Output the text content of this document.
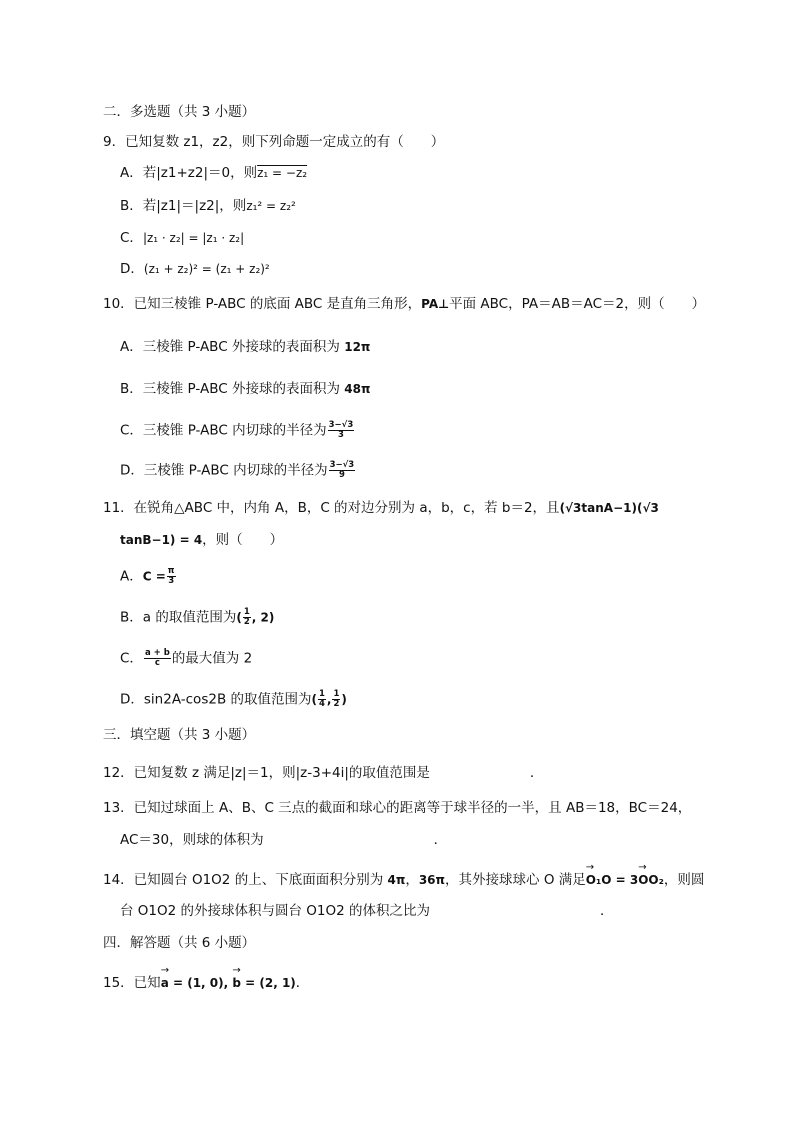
二．多选题（共 3 小题）
9．已知复数 z1，z2，则下列命题一定成立的有（　　）
A．若|z1+z2|＝0，则z₁ = −z₂
B．若|z1|＝|z2|，则z₁² = z₂²
C．|z₁ · z₂| = |z₁ · z₂|
D．(z₁ + z₂)² = (z₁ + z₂)²
10．已知三棱锥 P-ABC 的底面 ABC 是直角三角形，PA⊥平面 ABC，PA＝AB＝AC＝2，则（　　）
A．三棱锥 P-ABC 外接球的表面积为 12π
B．三棱锥 P-ABC 外接球的表面积为 48π
C．三棱锥 P-ABC 内切球的半径为 $\frac{3-√3}{3}$
D．三棱锥 P-ABC 内切球的半径为 $\frac{3-√3}{9}$
11．在锐角△ABC 中，内角 A，B，C 的对边分别为 a，b，c，若 b＝2，且(√3tanA−1)(√3
tanB−1) = 4，则（　　）
A．$C = \frac{\pi}{3}$
B．a 的取值范围为( $\frac{1}{2}$ , 2)
C． $\frac{a + b}{c}$ 的最大值为 2
D．sin2A-cos2B 的取值范围为( $\frac{1}{4}$ , $\frac{1}{2}$ )
三．填空题（共 3 小题）
12．已知复数 z 满足|z|＝1，则|z-3+4i|的取值范围是	．
13．已知过球面上 A、B、C 三点的截面和球心的距离等于球半径的一半，且 AB＝18，BC＝24，
AC＝30，则球的体积为	．
14．已知圆台 O1O2 的上、下底面面积分别为 4π，36π，其外接球球心 O 满足→ O₁O = 3→ OO₂，则圆
台 O1O2 的外接球体积与圆台 O1O2 的体积之比为	．
四．解答题（共 6 小题）
15．已知→ a = (1, 0), → b = (2, 1)．
